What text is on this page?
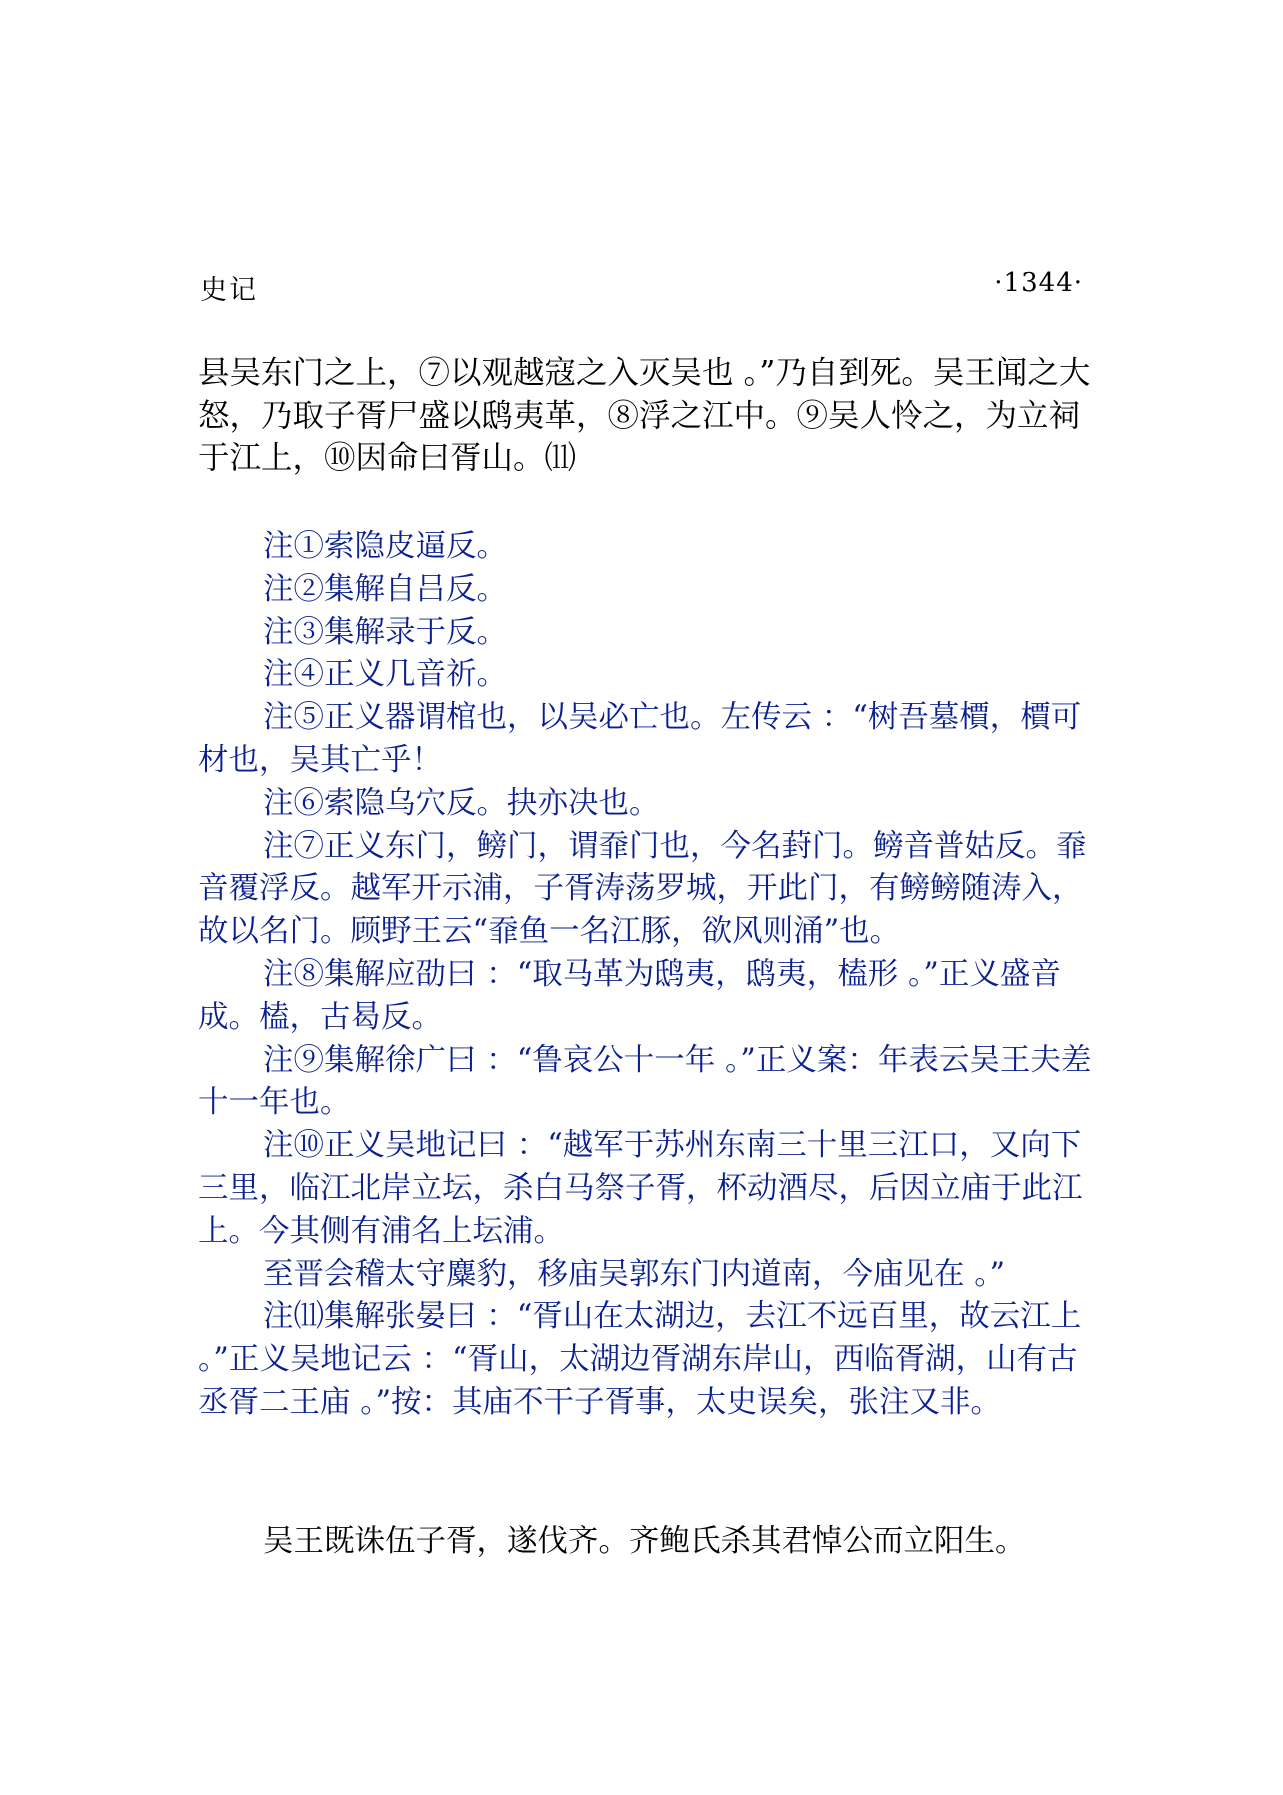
史记	·1344·

县吴东门之上，⑦以观越寇之入灭吴也 。”乃自到死。吴王闻之大怒，乃取子胥尸盛以鸱夷革，⑧浮之江中。⑨吴人怜之，为立祠于江上，⑩因命曰胥山。⑾

注①索隐皮逼反。

注②集解自吕反。

注③集解录于反。

注④正义几音祈。

注⑤正义器谓棺也，以吴必亡也。左传云 ：“树吾墓檟，檟可材也，吴其亡乎！

注⑥索隐乌穴反。抉亦决也。

注⑦正义东门，鳑门，谓䨿门也，今名葑门。鳑音普姑反。䨿音覆浮反。越军开示浦，子胥涛荡罗城，开此门，有鳑鳑随涛入，故以名门。顾野王云“䨿鱼一名江豚，欲风则涌”也。

注⑧集解应劭曰 ：“取马革为鸱夷，鸱夷，榼形 。”正义盛音成。榼，古曷反。

注⑨集解徐广曰 ：“鲁哀公十一年 。”正义案：年表云吴王夫差十一年也。

注⑩正义吴地记曰 ：“越军于苏州东南三十里三江口，又向下三里，临江北岸立坛，杀白马祭子胥，杯动酒尽，后因立庙于此江上。今其侧有浦名上坛浦。

至晋会稽太守麋豹，移庙吴郭东门内道南，今庙见在 。”

注⑾集解张晏曰 ：“胥山在太湖边，去江不远百里，故云江上 。”正义吴地记云 ：“胥山，太湖边胥湖东岸山，西临胥湖，山有古丞胥二王庙 。”按：其庙不干子胥事，太史误矣，张注又非。

吴王既诛伍子胥，遂伐齐。齐鲍氏杀其君悼公而立阳生。
